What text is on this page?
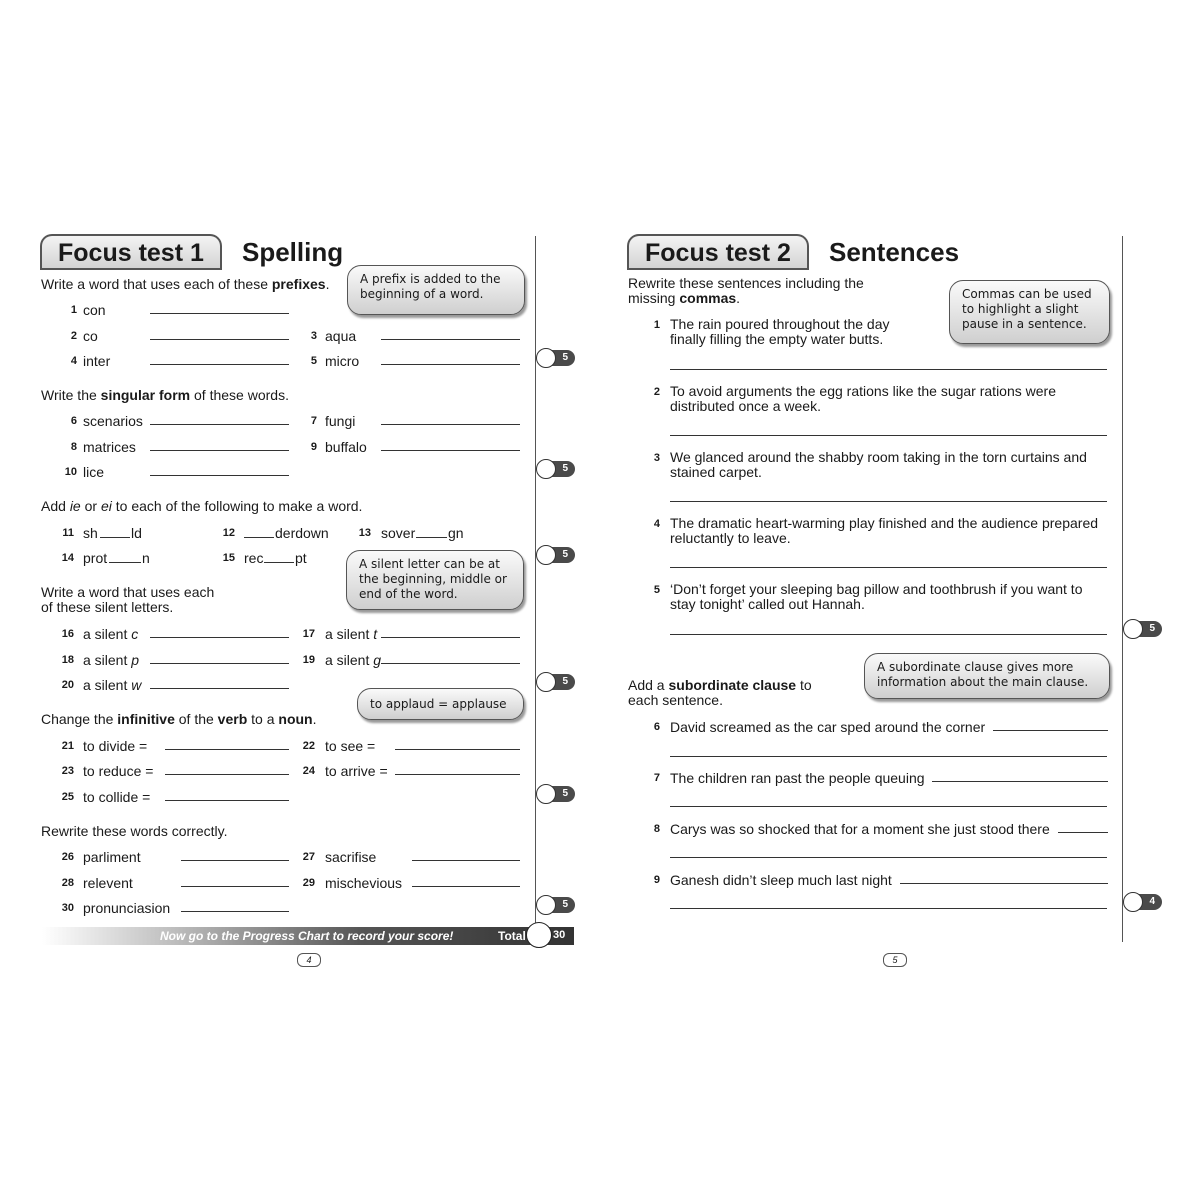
Focus test 1	Spelling
Write a word that uses each of these prefixes.	A prefix is added to the beginning of a word.
1 con
2 co	3 aqua
4 inter	5 micro	5
Write the singular form of these words.
6 scenarios	7 fungi
8 matrices	9 buffalo
10 lice	5
Add ie or ei to each of the following to make a word.
11 sh ld	12	derdown	13 sover gn
14 prot n	15 rec pt	A silent letter can be at the beginning, middle or end of the word.
5
Write a word that uses each
of these silent letters.
16 a silent c	17 a silent t
18 a silent p	19 a silent g
20 a silent w	5
to applaud = applause
Change the infinitive of the verb to a noun.
21 to divide =	22 to see =
23 to reduce =	24 to arrive =
25 to collide =	5
Rewrite these words correctly.
26 parliment	27 sacrifise
28 relevent	29 mischevious
30 pronunciasion	5
Now go to the Progress Chart to record your score!	Total 30
4
Focus test 2	Sentences
Rewrite these sentences including the
missing commas.	Commas can be used to highlight a slight pause in a sentence.
1 The rain poured throughout the day
finally filling the empty water butts.
2 To avoid arguments the egg rations like the sugar rations were
distributed once a week.
3 We glanced around the shabby room taking in the torn curtains and
stained carpet.
4 The dramatic heart-warming play finished and the audience prepared
reluctantly to leave.
5 ‘Don’t forget your sleeping bag pillow and toothbrush if you want to
stay tonight’ called out Hannah.
5
A subordinate clause gives more information about the main clause.
Add a subordinate clause to
each sentence.
6 David screamed as the car sped around the corner
7 The children ran past the people queuing
8 Carys was so shocked that for a moment she just stood there
9 Ganesh didn’t sleep much last night
4
5
